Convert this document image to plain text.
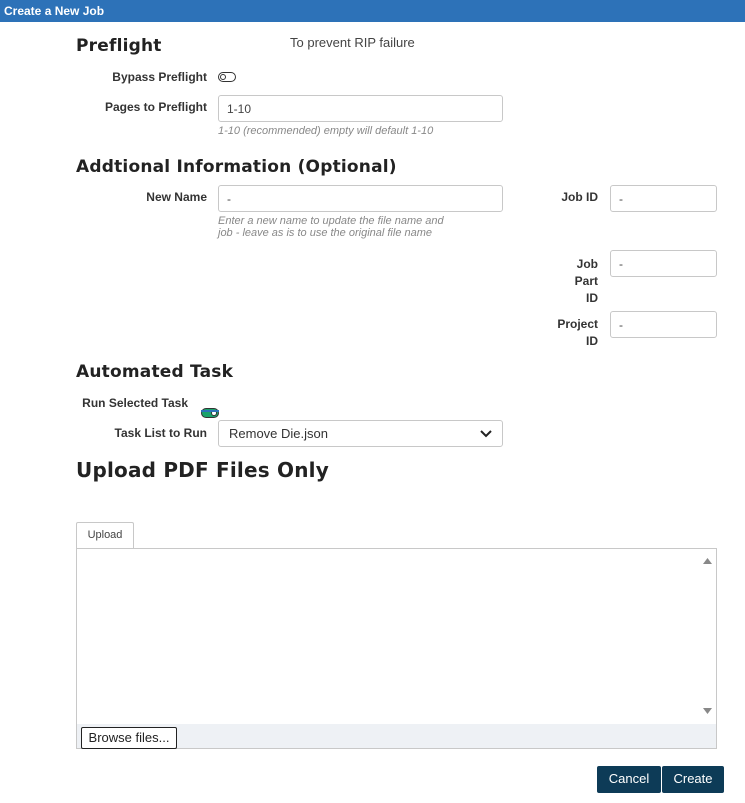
Create a New Job
Preflight	To prevent RIP failure
Bypass Preflight
Pages to Preflight 1-10
1-10 (recommended) empty will default 1-10
Addtional Information (Optional)
New Name -
Enter a new name to update the file name and
job - leave as is to use the original file name
Job ID -
Job
Part
ID
-
Project
ID
-
Automated Task
Run Selected Task
Task List to Run Remove Die.json
Upload PDF Files Only
Upload
Browse files...
Cancel	Create
